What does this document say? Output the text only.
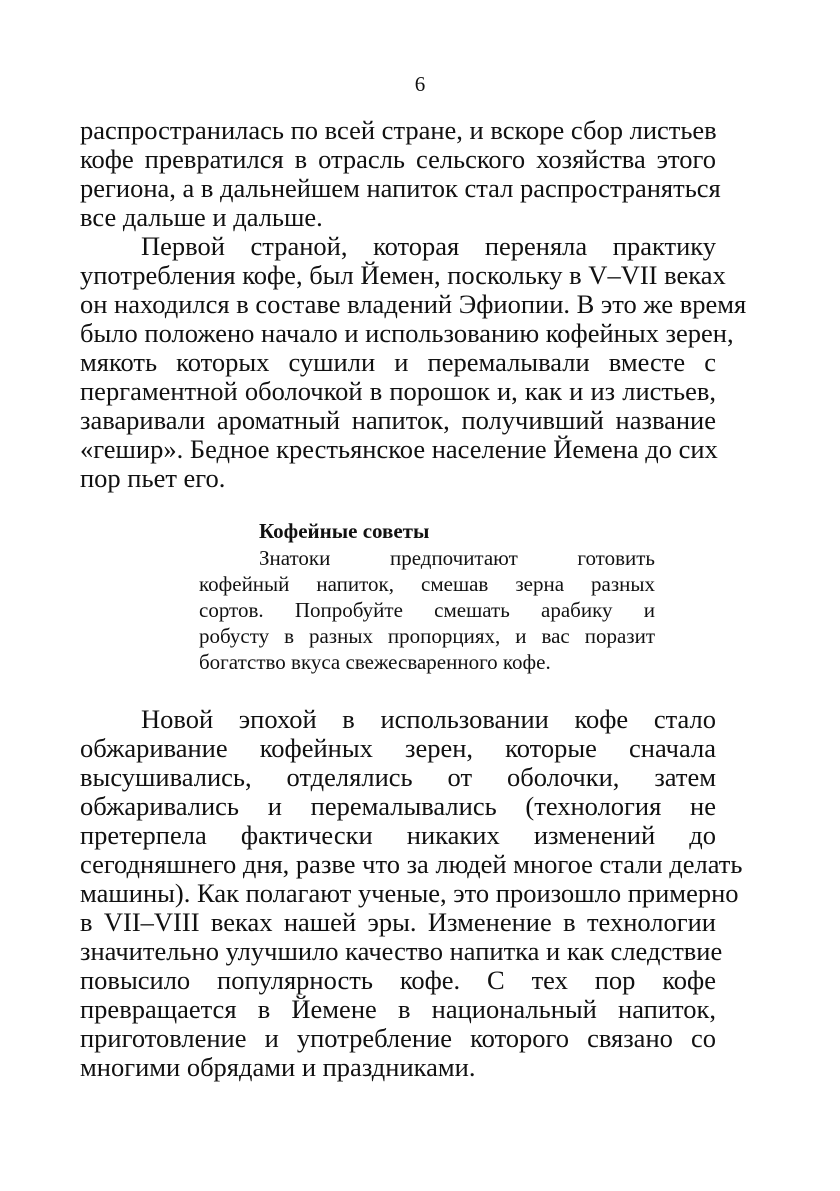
6
распространилась по всей стране, и вскоре сбор листьев
кофе превратился в отрасль сельского хозяйства этого
региона, а в дальнейшем напиток стал распространяться
все дальше и дальше.
Первой страной, которая переняла практику
употребления кофе, был Йемен, поскольку в V–VII веках
он находился в составе владений Эфиопии. В это же время
было положено начало и использованию кофейных зерен,
мякоть которых сушили и перемалывали вместе с
пергаментной оболочкой в порошок и, как и из листьев,
заваривали ароматный напиток, получивший название
«гешир». Бедное крестьянское население Йемена до сих
пор пьет его.
Кофейные советы
Знатоки предпочитают готовить
кофейный напиток, смешав зерна разных
сортов. Попробуйте смешать арабику и
робусту в разных пропорциях, и вас поразит
богатство вкуса свежесваренного кофе.
Новой эпохой в использовании кофе стало
обжаривание кофейных зерен, которые сначала
высушивались, отделялись от оболочки, затем
обжаривались и перемалывались (технология не
претерпела фактически никаких изменений до
сегодняшнего дня, разве что за людей многое стали делать
машины). Как полагают ученые, это произошло примерно
в VII–VIII веках нашей эры. Изменение в технологии
значительно улучшило качество напитка и как следствие
повысило популярность кофе. С тех пор кофе
превращается в Йемене в национальный напиток,
приготовление и употребление которого связано со
многими обрядами и праздниками.
